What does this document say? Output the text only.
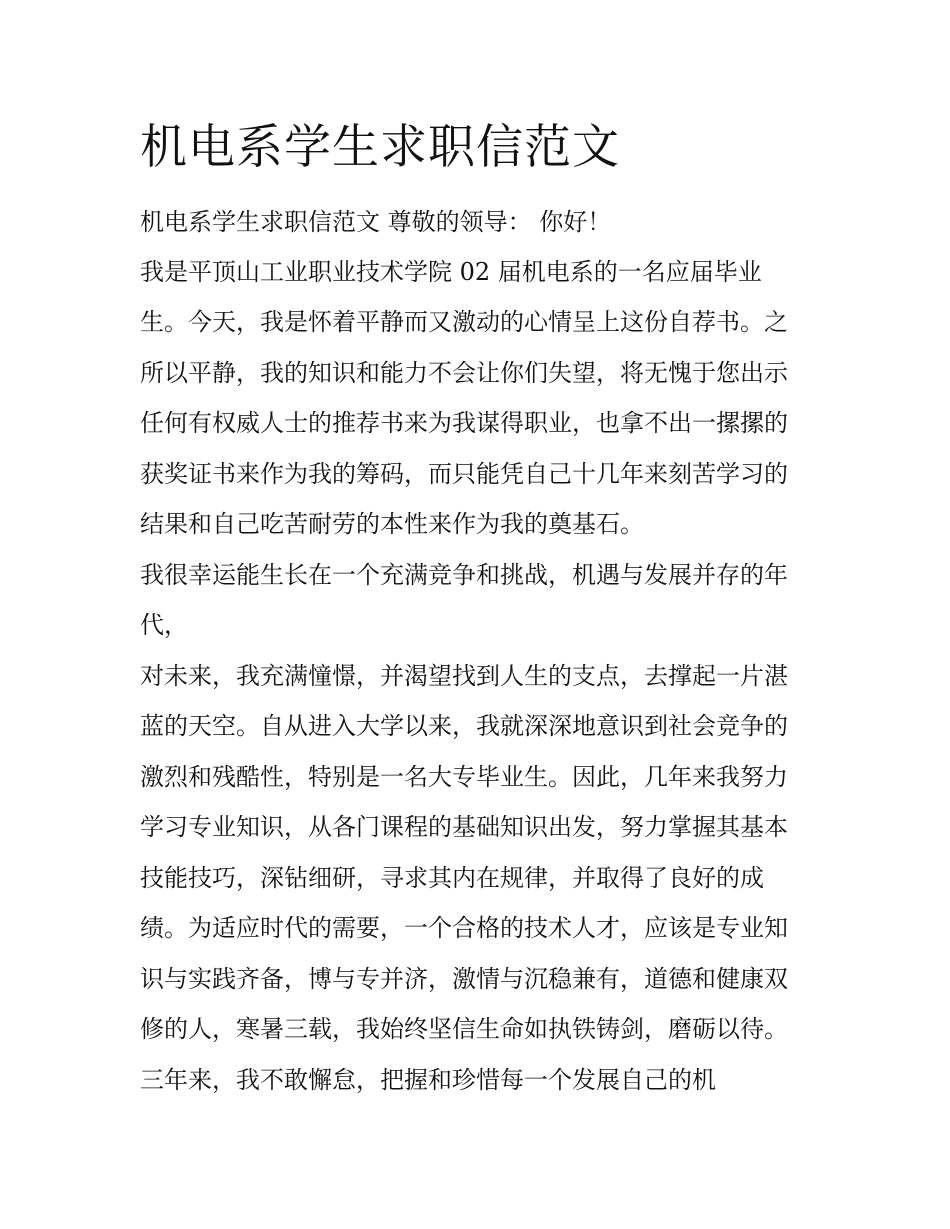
机电系学生求职信范文
机电系学生求职信范文 尊敬的领导： 你好！
我是平顶山工业职业技术学院 02 届机电系的一名应届毕业
生。今天，我是怀着平静而又激动的心情呈上这份自荐书。之
所以平静，我的知识和能力不会让你们失望，将无愧于您出示
任何有权威人士的推荐书来为我谋得职业，也拿不出一摞摞的
获奖证书来作为我的筹码，而只能凭自己十几年来刻苦学习的
结果和自己吃苦耐劳的本性来作为我的奠基石。
我很幸运能生长在一个充满竞争和挑战，机遇与发展并存的年
代，
对未来，我充满憧憬，并渴望找到人生的支点，去撑起一片湛
蓝的天空。自从进入大学以来，我就深深地意识到社会竞争的
激烈和残酷性，特别是一名大专毕业生。因此，几年来我努力
学习专业知识，从各门课程的基础知识出发，努力掌握其基本
技能技巧，深钻细研，寻求其内在规律，并取得了良好的成
绩。为适应时代的需要，一个合格的技术人才，应该是专业知
识与实践齐备，博与专并济，激情与沉稳兼有，道德和健康双
修的人，寒暑三载，我始终坚信生命如执铁铸剑，磨砺以待。
三年来，我不敢懈怠，把握和珍惜每一个发展自己的机
